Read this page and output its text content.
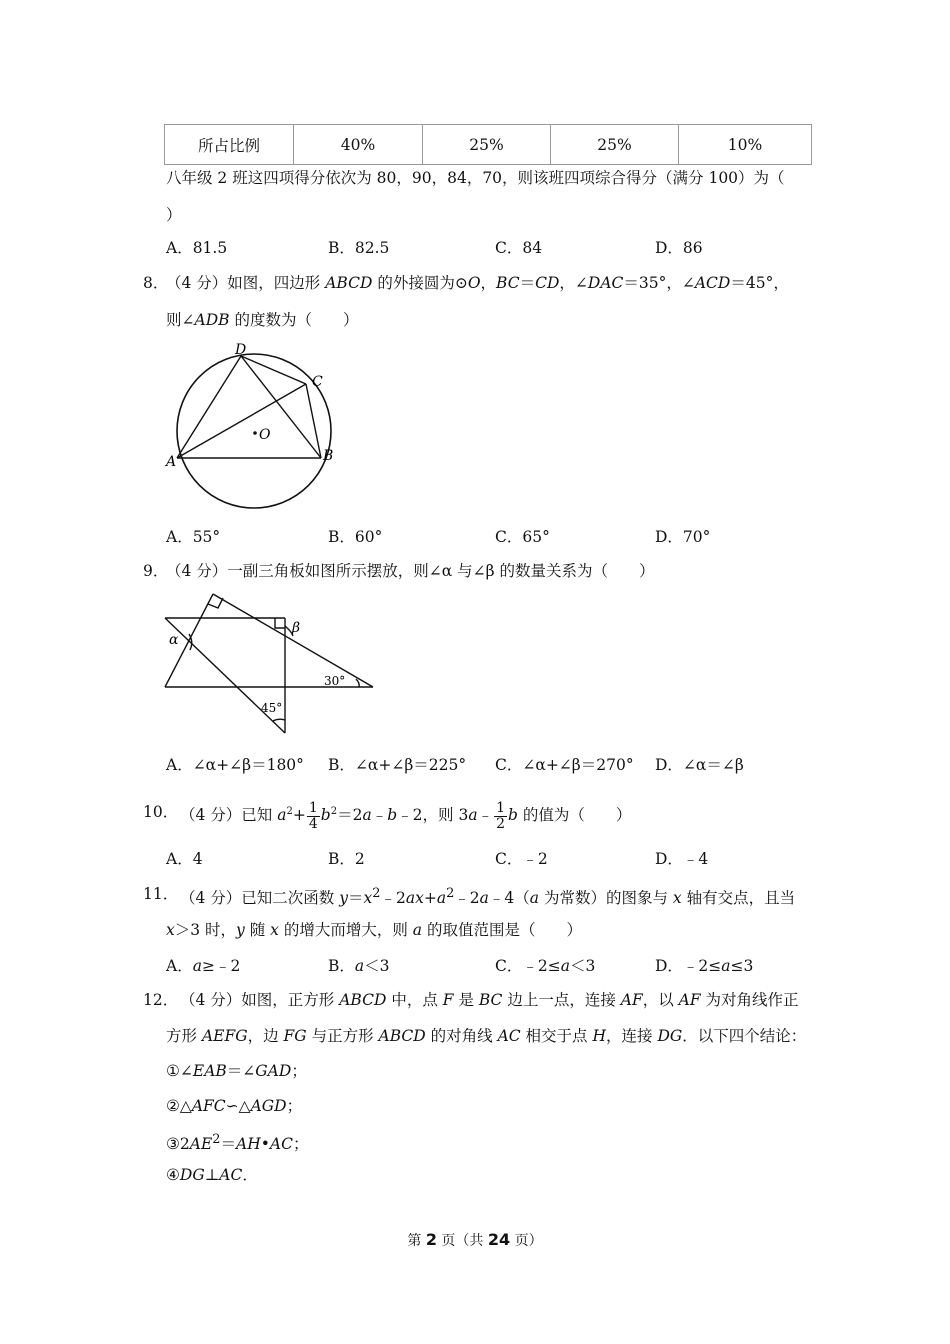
所占比例	40%	25%	25%	10%
八年级 2 班这四项得分依次为 80，90，84，70，则该班四项综合得分（满分 100）为（
）
A．81.5	B．82.5	C．84	D．86
8．
（4 分）如图，四边形 ABCD 的外接圆为⊙O，BC＝CD，∠DAC＝35°，∠ACD＝45°，
则∠ADB 的度数为（　　）
D
C
O
A	B
A．55°	B．60°	C．65°	D．70°
9．
（4 分）一副三角板如图所示摆放，则∠α 与∠β 的数量关系为（　　）
α
β
30°
45°
A．∠α+∠β＝180° B．∠α+∠β＝225° C．∠α+∠β＝270° D．∠α＝∠β
10． （4 分）已知 $a^2+ \frac{1}{4}$ $b^2=2a﹣b﹣2$，则 3a﹣ $\frac{1}{2}$ b 的值为（　　）
A．4	B．2	C．﹣2	D．﹣4
11． （4 分）已知二次函数 $y=x^2﹣2ax+a^2﹣2a﹣4(a$ 为常数）的图象与 x 轴有交点，且当
x＞3 时，y 随 x 的增大而增大，则 a 的取值范围是（　　）
A．a≥﹣2	B．a＜3	C．﹣2≤a＜3	D．﹣2≤a≤3
12． （4 分）如图，正方形 ABCD 中，点 F 是 BC 边上一点，连接 AF，以 AF 为对角线作正
方形 AEFG，边 FG 与正方形 ABCD 的对角线 AC 相交于点 H，连接 DG．以下四个结论：
①∠EAB＝∠GAD；
②△AFC∽△AGD；
$③2AE^2=AH•AC$；
④DG⊥AC．
第 2 页（共 24 页）
